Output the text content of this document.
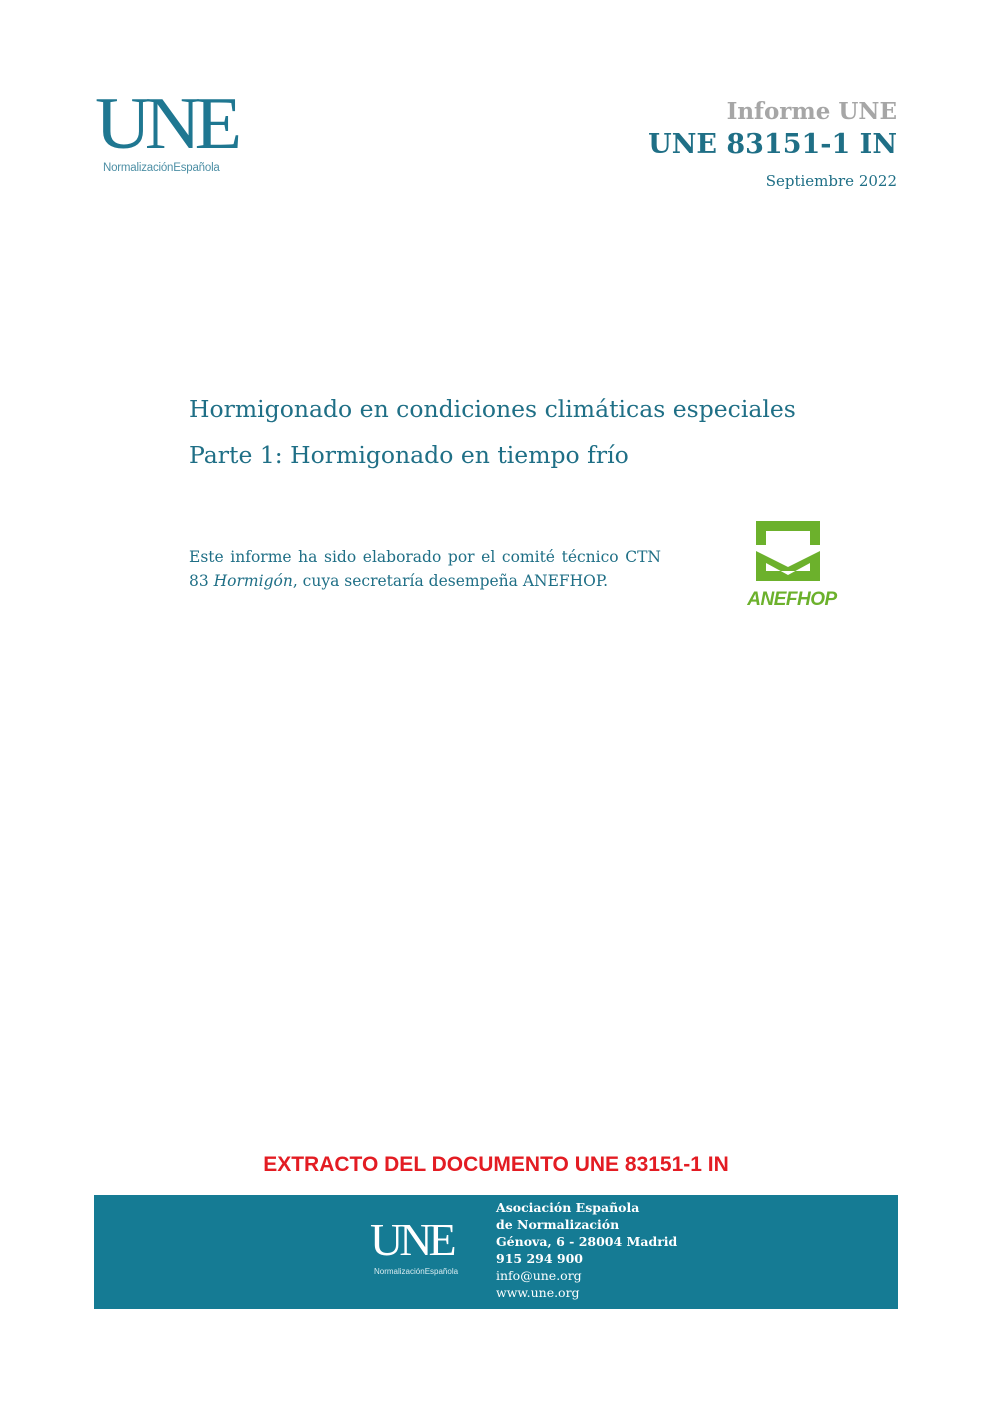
UNE
NormalizaciónEspañola
Informe UNE
UNE 83151-1 IN
Septiembre 2022
Hormigonado en condiciones climáticas especiales
Parte 1: Hormigonado en tiempo frío
Este informe ha sido elaborado por el comité técnico CTN 83 Hormigón, cuya secretaría desempeña ANEFHOP.
ANEFHOP
EXTRACTO DEL DOCUMENTO UNE 83151-1 IN
UNE
NormalizaciónEspañola
Asociación Española
de Normalización
Génova, 6 - 28004 Madrid
915 294 900
info@une.org
www.une.org
